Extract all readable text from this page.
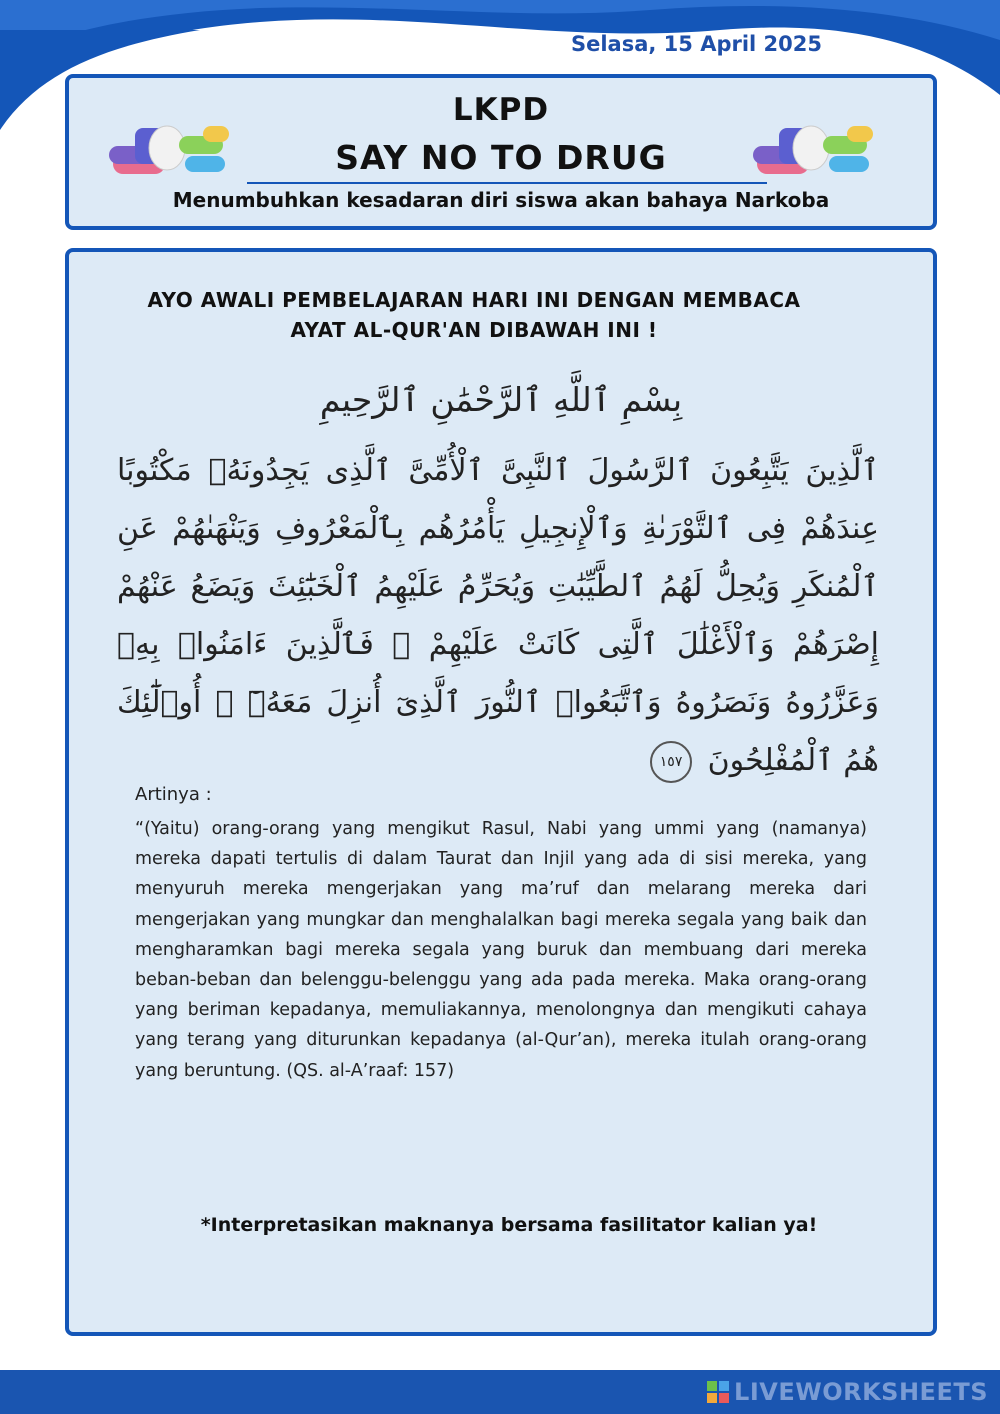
Selasa, 15 April 2025
LKPD
SAY NO TO DRUG
Menumbuhkan kesadaran diri siswa akan bahaya Narkoba
AYO AWALI PEMBELAJARAN HARI INI DENGAN MEMBACA AYAT AL-QUR'AN DIBAWAH INI !
بِسْمِ ٱللَّهِ ٱلرَّحْمَٰنِ ٱلرَّحِيمِ
ٱلَّذِينَ يَتَّبِعُونَ ٱلرَّسُولَ ٱلنَّبِىَّ ٱلْأُمِّىَّ ٱلَّذِى يَجِدُونَهُۥ مَكْتُوبًا عِندَهُمْ فِى ٱلتَّوْرَىٰةِ وَٱلْإِنجِيلِ يَأْمُرُهُم بِٱلْمَعْرُوفِ وَيَنْهَىٰهُمْ عَنِ ٱلْمُنكَرِ وَيُحِلُّ لَهُمُ ٱلطَّيِّبَٰتِ وَيُحَرِّمُ عَلَيْهِمُ ٱلْخَبَٰٓئِثَ وَيَضَعُ عَنْهُمْ إِصْرَهُمْ وَٱلْأَغْلَٰلَ ٱلَّتِى كَانَتْ عَلَيْهِمْ ۚ فَٱلَّذِينَ ءَامَنُوا۟ بِهِۦ وَعَزَّرُوهُ وَنَصَرُوهُ وَٱتَّبَعُوا۟ ٱلنُّورَ ٱلَّذِىٓ أُنزِلَ مَعَهُۥٓ ۙ أُو۟لَٰٓئِكَ هُمُ ٱلْمُفْلِحُونَ ١٥٧
Artinya :
“(Yaitu) orang-orang yang mengikut Rasul, Nabi yang ummi yang (namanya) mereka dapati tertulis di dalam Taurat dan Injil yang ada di sisi mereka, yang menyuruh mereka mengerjakan yang ma’ruf dan melarang mereka dari mengerjakan yang mungkar dan menghalalkan bagi mereka segala yang baik dan mengharamkan bagi mereka segala yang buruk dan membuang dari mereka beban-beban dan belenggu-belenggu yang ada pada mereka. Maka orang-orang yang beriman kepadanya, memuliakannya, menolongnya dan mengikuti cahaya yang terang yang diturunkan kepadanya (al-Qur’an), mereka itulah orang-orang yang beruntung. (QS. al-A’raaf: 157)
*Interpretasikan maknanya bersama fasilitator kalian ya!
LIVEWORKSHEETS
